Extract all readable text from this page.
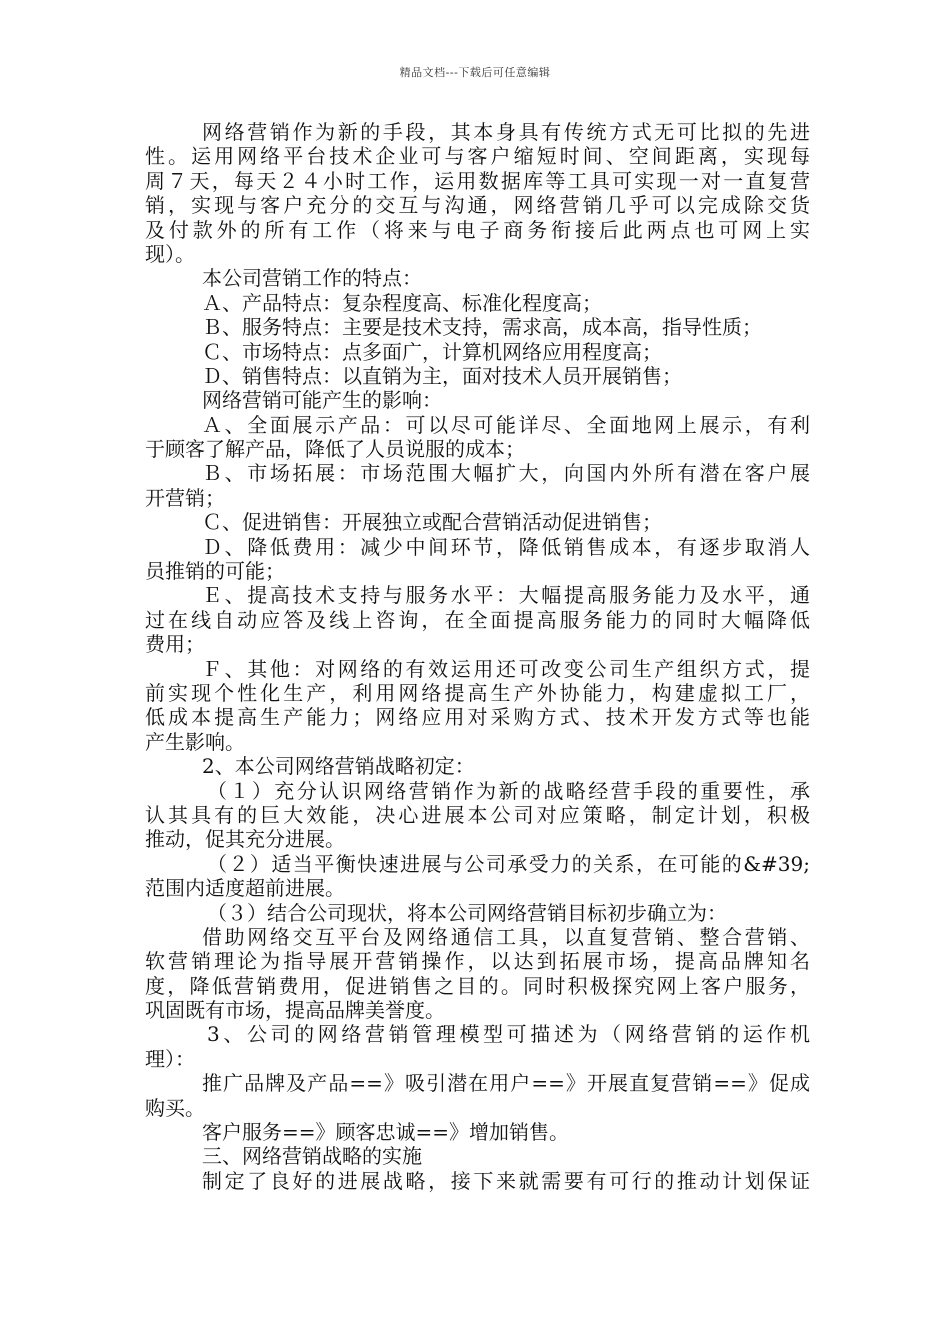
精品文档---下载后可任意编辑
网络营销作为新的手段，其本身具有传统方式无可比拟的先进
性。运用网络平台技术企业可与客户缩短时间、空间距离，实现每
周７天，每天２４小时工作，运用数据库等工具可实现一对一直复营
销，实现与客户充分的交互与沟通，网络营销几乎可以完成除交货
及付款外的所有工作（将来与电子商务衔接后此两点也可网上实
现）。
本公司营销工作的特点：
Ａ、产品特点：复杂程度高、标准化程度高；
Ｂ、服务特点：主要是技术支持，需求高，成本高，指导性质；
Ｃ、市场特点：点多面广，计算机网络应用程度高；
Ｄ、销售特点：以直销为主，面对技术人员开展销售；
网络营销可能产生的影响：
Ａ、全面展示产品：可以尽可能详尽、全面地网上展示，有利
于顾客了解产品，降低了人员说服的成本；
Ｂ、市场拓展：市场范围大幅扩大，向国内外所有潜在客户展
开营销；
Ｃ、促进销售：开展独立或配合营销活动促进销售；
Ｄ、降低费用：减少中间环节，降低销售成本，有逐步取消人
员推销的可能；
Ｅ、提高技术支持与服务水平：大幅提高服务能力及水平，通
过在线自动应答及线上咨询，在全面提高服务能力的同时大幅降低
费用；
Ｆ、其他：对网络的有效运用还可改变公司生产组织方式，提
前实现个性化生产，利用网络提高生产外协能力，构建虚拟工厂，
低成本提高生产能力；网络应用对采购方式、技术开发方式等也能
产生影响。
2、本公司网络营销战略初定：
（１）充分认识网络营销作为新的战略经营手段的重要性，承
认其具有的巨大效能，决心进展本公司对应策略，制定计划，积极
推动，促其充分进展。
（２）适当平衡快速进展与公司承受力的关系，在可能的&#39;
范围内适度超前进展。
（３）结合公司现状，将本公司网络营销目标初步确立为：
借助网络交互平台及网络通信工具，以直复营销、整合营销、
软营销理论为指导展开营销操作，以达到拓展市场，提高品牌知名
度，降低营销费用，促进销售之目的。同时积极探究网上客户服务，
巩固既有市场，提高品牌美誉度。
3、公司的网络营销管理模型可描述为（网络营销的运作机
理）：
推广品牌及产品==》吸引潜在用户==》开展直复营销==》促成
购买。
客户服务==》顾客忠诚==》增加销售。
三、网络营销战略的实施
制定了良好的进展战略，接下来就需要有可行的推动计划保证
